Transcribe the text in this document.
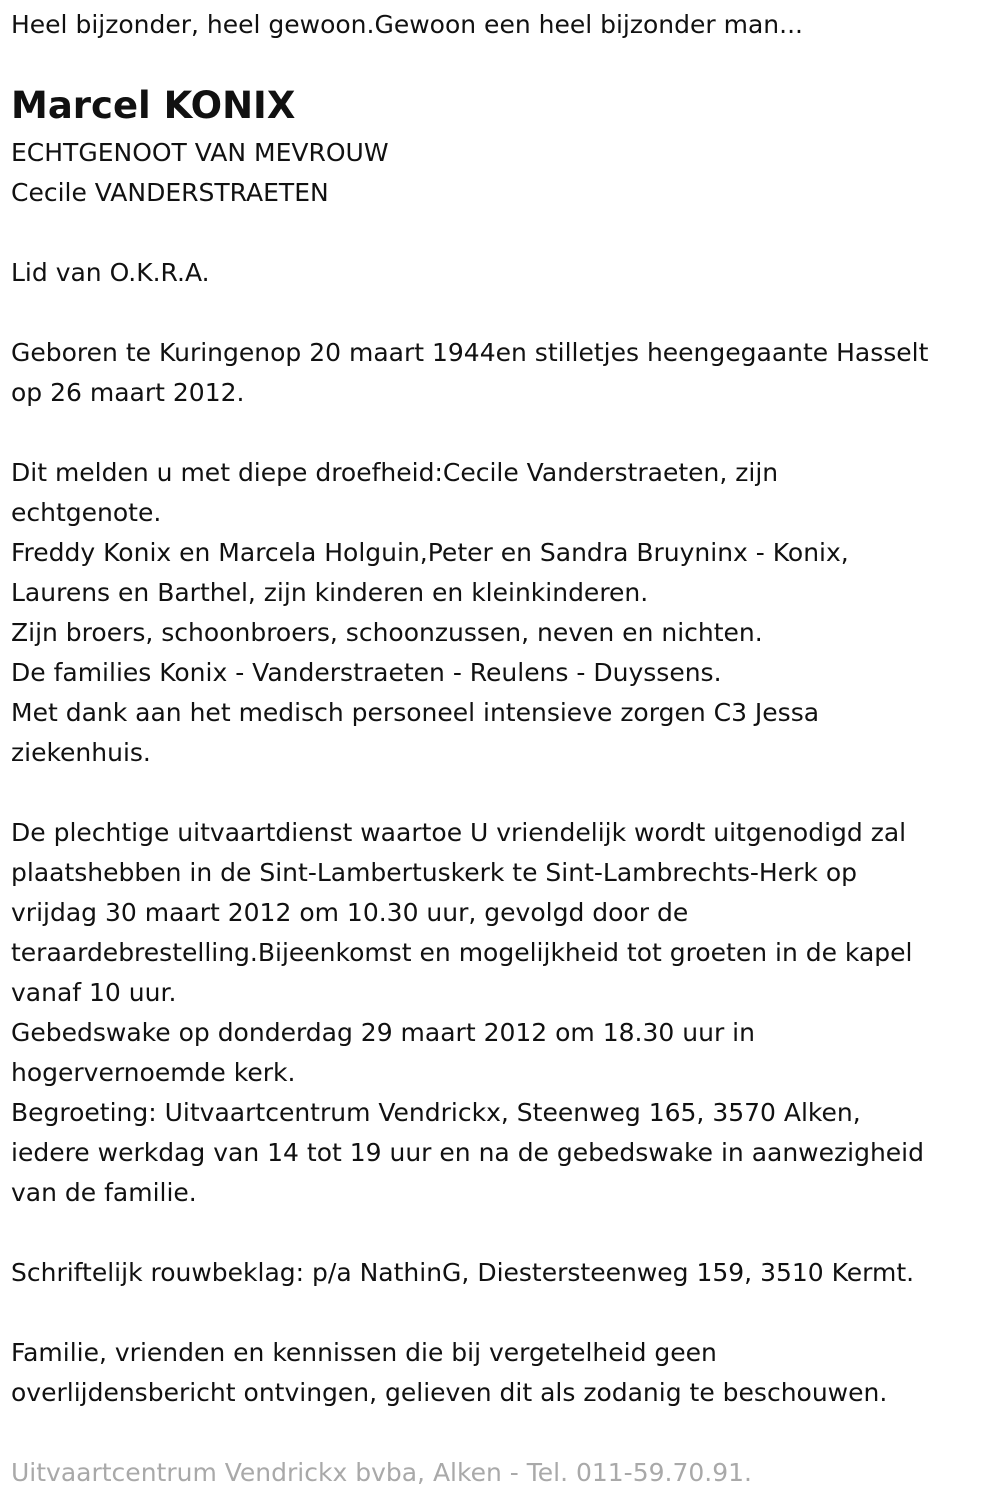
Heel bijzonder, heel gewoon.Gewoon een heel bijzonder man...
Marcel KONIX
ECHTGENOOT VAN MEVROUW
Cecile VANDERSTRAETEN
Lid van O.K.R.A.
Geboren te Kuringenop 20 maart 1944en stilletjes heengegaante Hasselt
op 26 maart 2012.
Dit melden u met diepe droefheid:Cecile Vanderstraeten, zijn
echtgenote.
Freddy Konix en Marcela Holguin,Peter en Sandra Bruyninx - Konix,
Laurens en Barthel, zijn kinderen en kleinkinderen.
Zijn broers, schoonbroers, schoonzussen, neven en nichten.
De families Konix - Vanderstraeten - Reulens - Duyssens.
Met dank aan het medisch personeel intensieve zorgen C3 Jessa
ziekenhuis.
De plechtige uitvaartdienst waartoe U vriendelijk wordt uitgenodigd zal
plaatshebben in de Sint-Lambertuskerk te Sint-Lambrechts-Herk op
vrijdag 30 maart 2012 om 10.30 uur, gevolgd door de
teraardebrestelling.Bijeenkomst en mogelijkheid tot groeten in de kapel
vanaf 10 uur.
Gebedswake op donderdag 29 maart 2012 om 18.30 uur in
hogervernoemde kerk.
Begroeting: Uitvaartcentrum Vendrickx, Steenweg 165, 3570 Alken,
iedere werkdag van 14 tot 19 uur en na de gebedswake in aanwezigheid
van de familie.
Schriftelijk rouwbeklag: p/a NathinG, Diestersteenweg 159, 3510 Kermt.
Familie, vrienden en kennissen die bij vergetelheid geen
overlijdensbericht ontvingen, gelieven dit als zodanig te beschouwen.
Uitvaartcentrum Vendrickx bvba, Alken - Tel. 011-59.70.91.
